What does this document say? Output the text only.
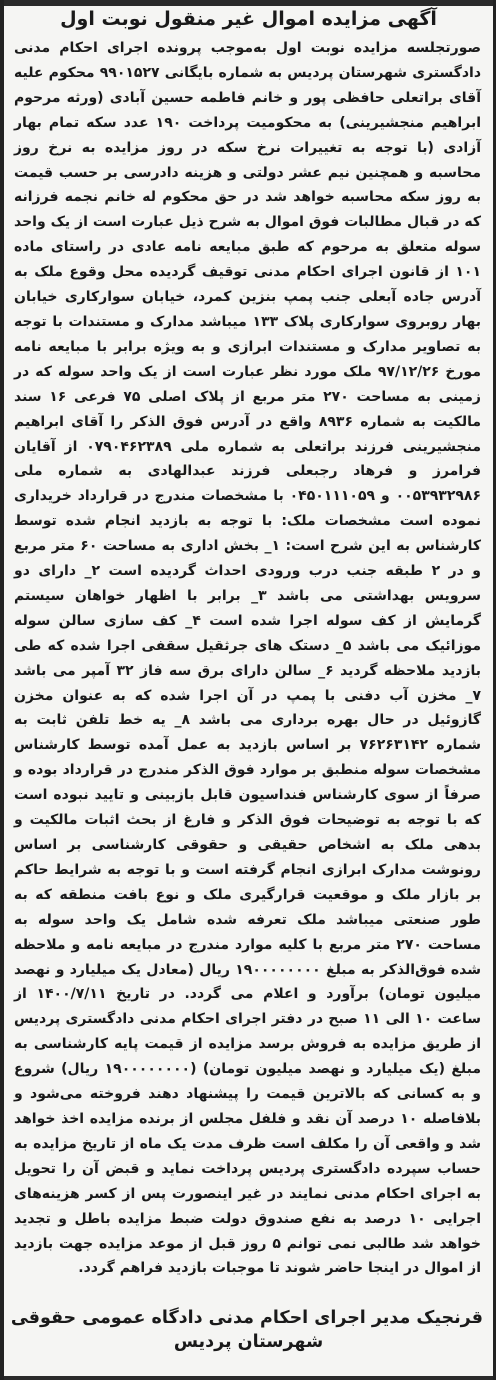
آگهی مزایده اموال غیر منقول نوبت اول

صورتجلسه مزایده نوبت اول به‌موجب پرونده اجرای احکام مدنی دادگستری شهرستان پردیس به شماره بایگانی ۹۹۰۱۵۲۷ محکوم علیه آقای براتعلی حافظی پور و خانم فاطمه حسین آبادی (ورثه مرحوم ابراهیم منجشیرینی) به محکومیت پرداخت ۱۹۰ عدد سکه تمام بهار آزادی (با توجه به تغییرات نرخ سکه در روز مزایده به نرخ روز محاسبه و همچنین نیم عشر دولتی و هزینه دادرسی بر حسب قیمت به روز سکه محاسبه خواهد شد در حق محکوم له خانم نجمه فرزانه که در قبال مطالبات فوق اموال به شرح ذیل عبارت است از یک واحد سوله متعلق به مرحوم که طبق مبایعه نامه عادی در راستای ماده ۱۰۱ از قانون اجرای احکام مدنی توقیف گردیده محل وقوع ملک به آدرس جاده آبعلی جنب پمپ بنزین کمرد، خیابان سوارکاری خیابان بهار روبروی سوارکاری پلاک ۱۳۳ میباشد مدارک و مستندات با توجه به تصاویر مدارک و مستندات ابرازی و به ویژه برابر با مبایعه نامه مورخ ۹۷/۱۲/۲۶ ملک مورد نظر عبارت است از یک واحد سوله که در زمینی به مساحت ۲۷۰ متر مربع از پلاک اصلی ۷۵ فرعی ۱۶ سند مالکیت به شماره ۸۹۳۶ واقع در آدرس فوق الذکر را آقای ابراهیم منجشیرینی فرزند براتعلی به شماره ملی ۰۷۹۰۴۶۲۳۸۹ از آقایان فرامرز و فرهاد رجبعلی فرزند عبدالهادی به شماره ملی ۰۰۵۳۹۳۲۹۸۶ و ۰۴۵۰۱۱۱۰۵۹ با مشخصات مندرج در قرارداد خریداری نموده است مشخصات ملک: با توجه به بازدید انجام شده توسط کارشناس به این شرح است: ۱_ بخش اداری به مساحت ۶۰ متر مربع و در ۲ طبقه جنب درب ورودی احداث گردیده است ۲_ دارای دو سرویس بهداشتی می باشد ۳_ برابر با اظهار خواهان سیستم گرمایش از کف سوله اجرا شده است ۴_ کف سازی سالن سوله موزائیک می باشد ۵_ دستک های جرثقیل سقفی اجرا شده که طی بازدید ملاحظه گردید ۶_ سالن دارای برق سه فاز ۳۲ آمپر می باشد ۷_ مخزن آب دفنی با پمپ در آن اجرا شده که به عنوان مخزن گازوئیل در حال بهره برداری می باشد ۸_ یه خط تلفن ثابت به شماره ۷۶۲۶۳۱۴۲ بر اساس بازدید به عمل آمده توسط کارشناس مشخصات سوله منطبق بر موارد فوق الذکر مندرج در قرارداد بوده و صرفاً از سوی کارشناس فنداسیون قابل بازبینی و تایید نبوده است که با توجه به توضیحات فوق الذکر و فارغ از بحث اثبات مالکیت و بدهی ملک به اشخاص حقیقی و حقوقی کارشناسی بر اساس رونوشت مدارک ابرازی انجام گرفته است و با توجه به شرایط حاکم بر بازار ملک و موقعیت قرارگیری ملک و نوع بافت منطقه که به طور صنعتی میباشد ملک تعرفه شده شامل یک واحد سوله به مساحت ۲۷۰ متر مربع با کلیه موارد مندرج در مبایعه نامه و ملاحظه شده فوق‌الذکر به مبلغ ۱۹۰۰۰۰۰۰۰۰ ریال (معادل یک میلیارد و نهصد میلیون تومان) برآورد و اعلام می گردد. در تاریخ ۱۴۰۰/۷/۱۱ از ساعت ۱۰ الی ۱۱ صبح در دفتر اجرای احکام مدنی دادگستری پردیس از طریق مزایده به فروش برسد مزایده از قیمت پایه کارشناسی به مبلغ (یک میلیارد و نهصد میلیون تومان) (۱۹۰۰۰۰۰۰۰۰ ریال) شروع و به کسانی که بالاترین قیمت را پیشنهاد دهند فروخته می‌شود و بلافاصله ۱۰ درصد آن نقد و فلفل مجلس از برنده مزایده اخذ خواهد شد و واقعی آن را مکلف است ظرف مدت یک ماه از تاریخ مزایده به حساب سپرده دادگستری پردیس پرداخت نماید و قبض آن را تحویل به اجرای احکام مدنی نمایند در غیر اینصورت پس از کسر هزینه‌های اجرایی ۱۰ درصد به نفع صندوق دولت ضبط مزایده باطل و تجدید خواهد شد طالبی نمی توانم ۵ روز قبل از موعد مزایده جهت بازدید از اموال در اینجا حاضر شوند تا موجبات بازدید فراهم گردد.

قرنجیک مدیر اجرای احکام مدنی دادگاه عمومی حقوقی
شهرستان پردیس
